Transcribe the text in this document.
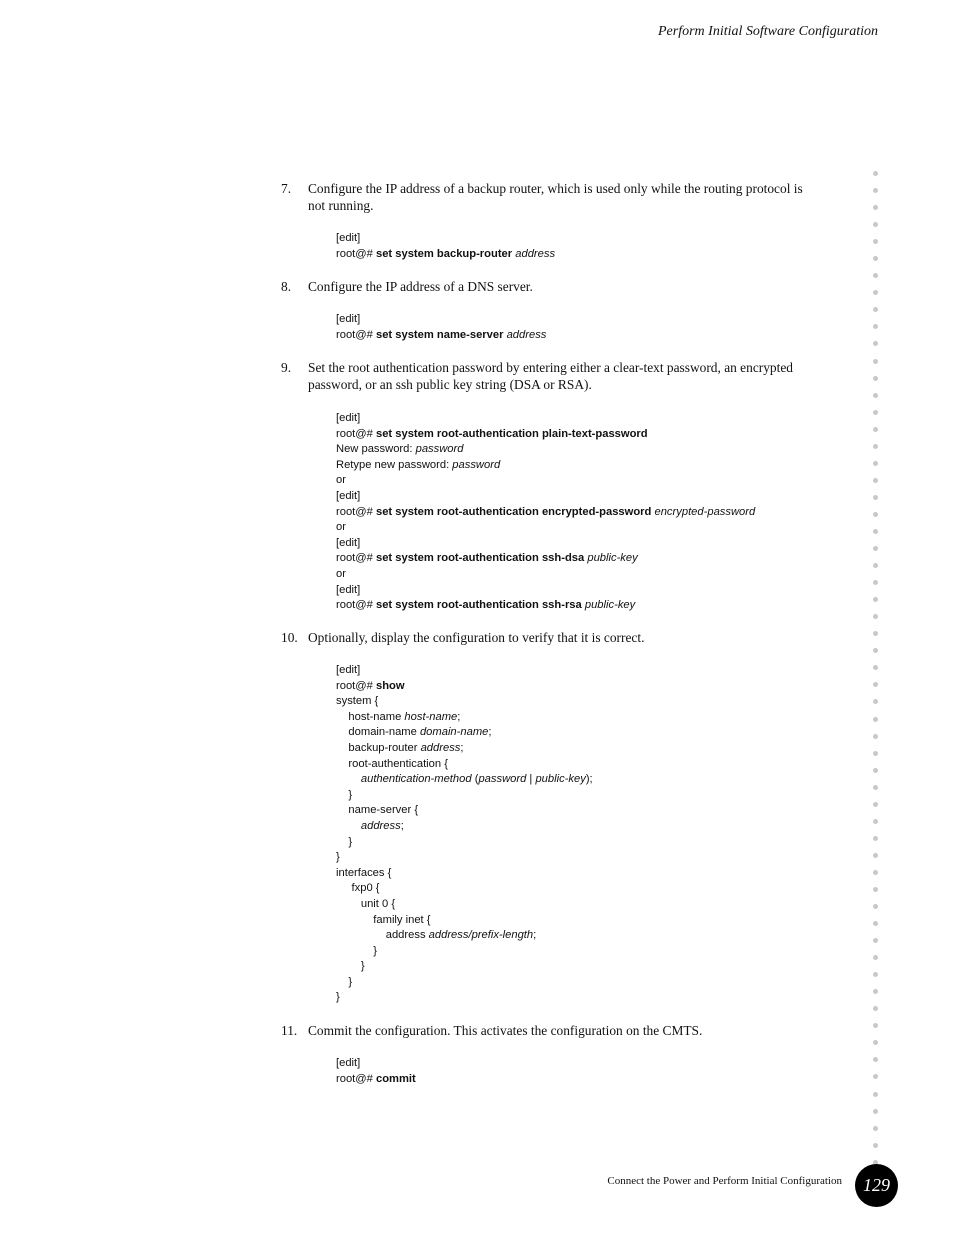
Perform Initial Software Configuration
7. Configure the IP address of a backup router, which is used only while the routing protocol is not running.
[edit]
root@# set system backup-router address
8. Configure the IP address of a DNS server.
[edit]
root@# set system name-server address
9. Set the root authentication password by entering either a clear-text password, an encrypted password, or an ssh public key string (DSA or RSA).
[edit]
root@# set system root-authentication plain-text-password
New password: password
Retype new password: password
or
[edit]
root@# set system root-authentication encrypted-password encrypted-password
or
[edit]
root@# set system root-authentication ssh-dsa public-key
or
[edit]
root@# set system root-authentication ssh-rsa public-key
10. Optionally, display the configuration to verify that it is correct.
[edit]
root@# show
system {
host-name host-name;
domain-name domain-name;
backup-router address;
root-authentication {
authentication-method (password | public-key);
}
name-server {
address;
}
}
interfaces {
fxp0 {
unit 0 {
family inet {
address address/prefix-length;
}
}
}
}
11. Commit the configuration. This activates the configuration on the CMTS.
[edit]
root@# commit
Connect the Power and Perform Initial Configuration	129
